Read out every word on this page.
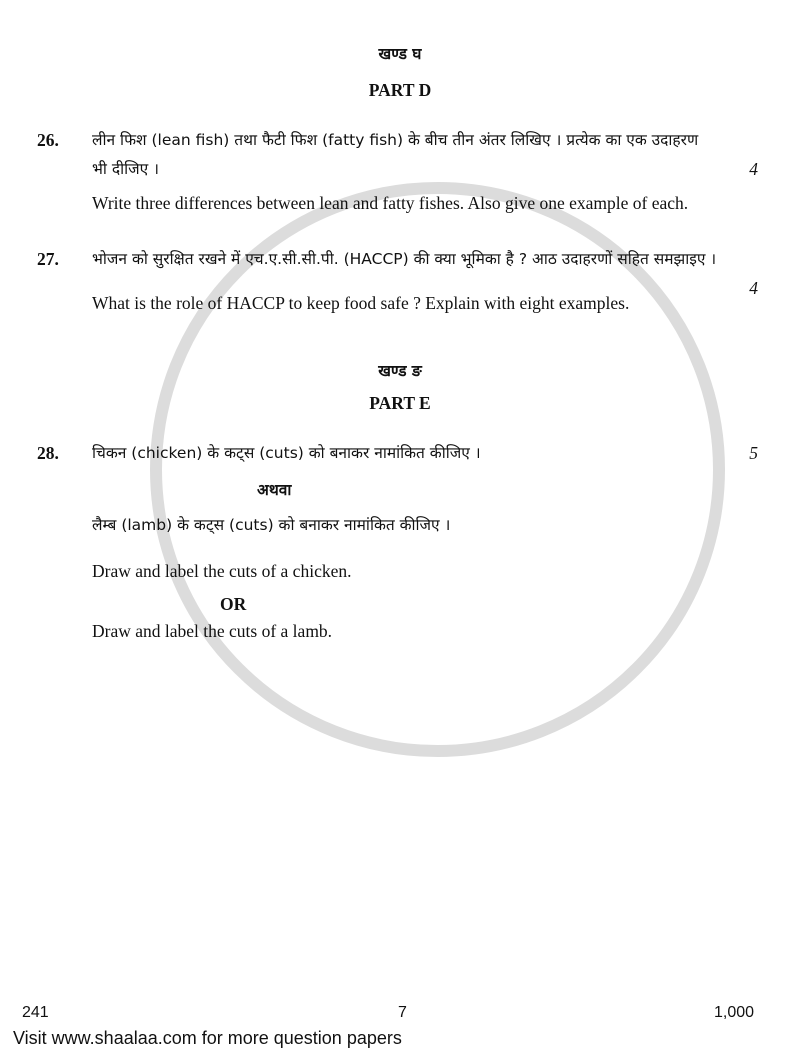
खण्ड घ
PART D
26.	लीन फिश (lean fish) तथा फैटी फिश (fatty fish) के बीच तीन अंतर लिखिए । प्रत्येक का एक उदाहरण भी दीजिए ।

Write three differences between lean and fatty fishes. Also give one example of each.

4
27.	भोजन को सुरक्षित रखने में एच.ए.सी.सी.पी. (HACCP) की क्या भूमिका है ? आठ उदाहरणों सहित समझाइए ।

What is the role of HACCP to keep food safe ? Explain with eight examples.

4
खण्ड ङ
PART E
28.	चिकन (chicken) के कट्स (cuts) को बनाकर नामांकित कीजिए ।

अथवा

लैम्ब (lamb) के कट्स (cuts) को बनाकर नामांकित कीजिए ।

Draw and label the cuts of a chicken.

OR

Draw and label the cuts of a lamb.

5
241	7	1,000
Visit www.shaalaa.com for more question papers
